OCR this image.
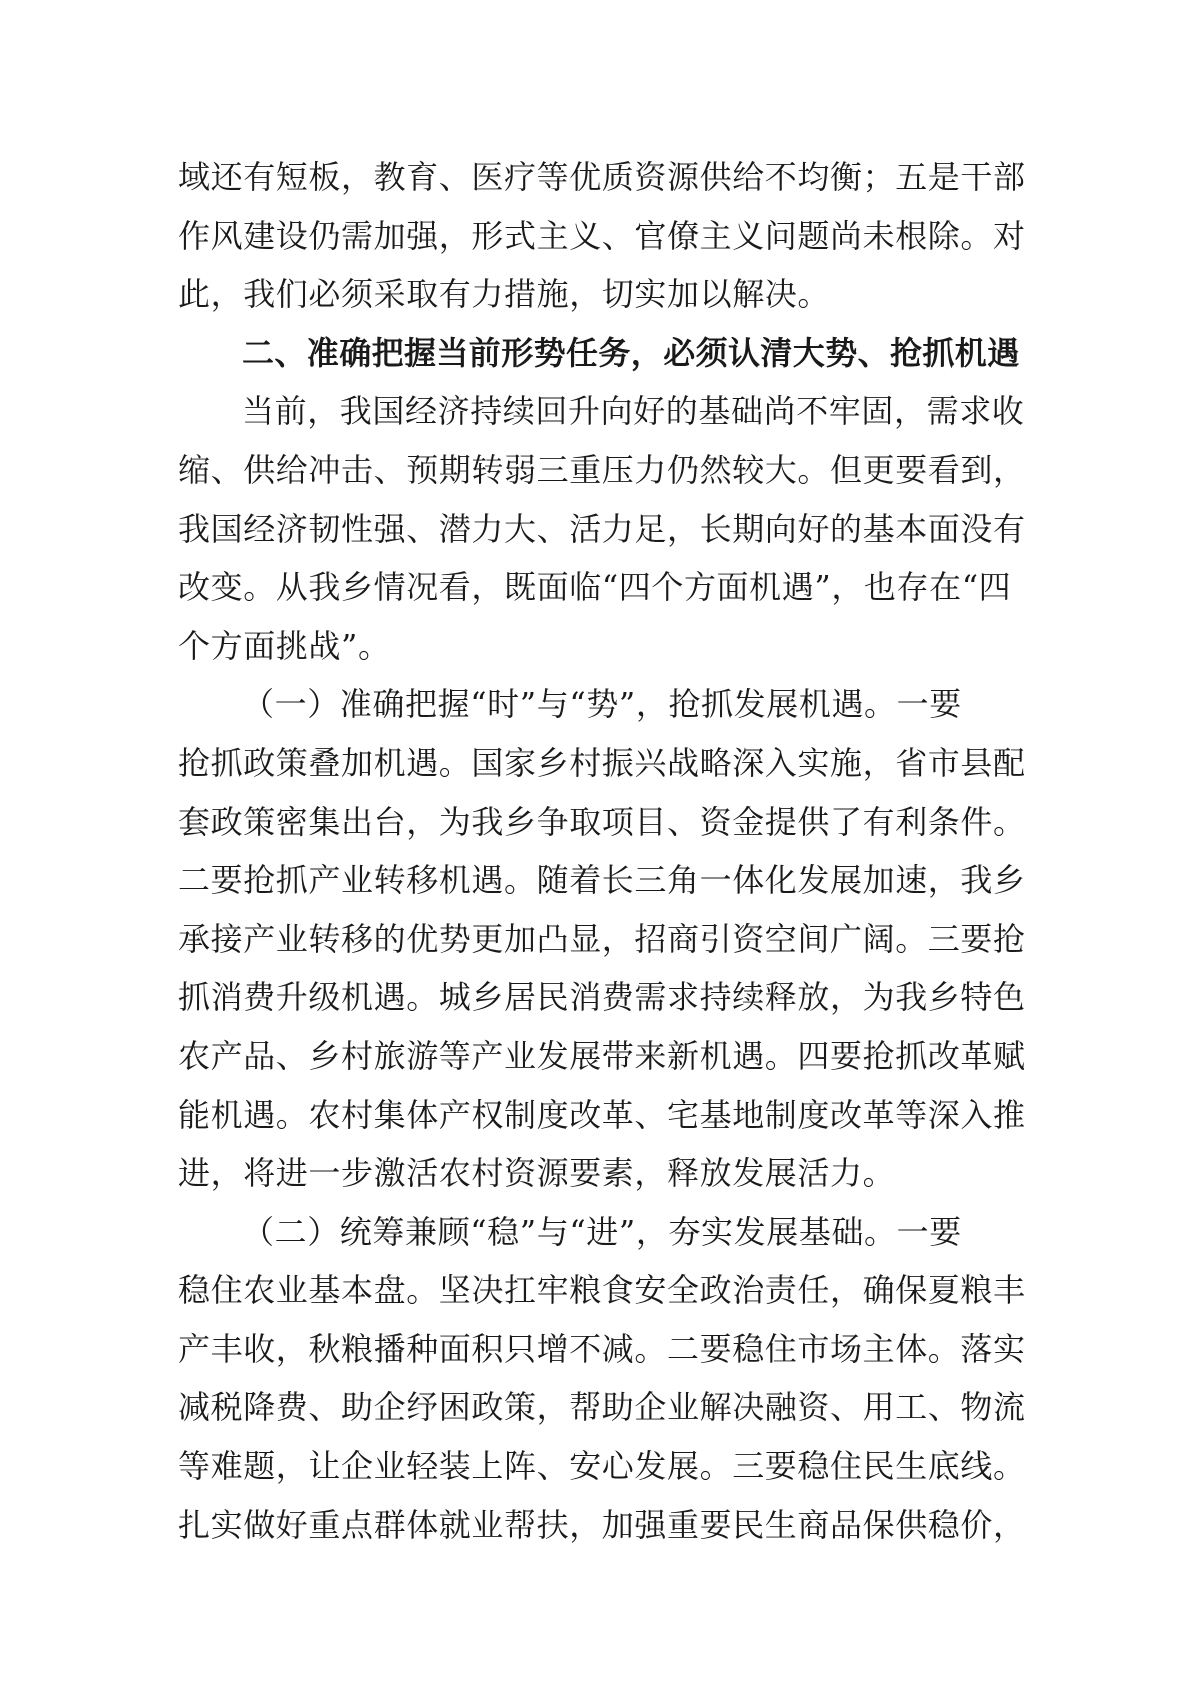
域还有短板，教育、医疗等优质资源供给不均衡；五是干部
作风建设仍需加强，形式主义、官僚主义问题尚未根除。对
此，我们必须采取有力措施，切实加以解决。
二、准确把握当前形势任务，必须认清大势、抢抓机遇
当前，我国经济持续回升向好的基础尚不牢固，需求收
缩、供给冲击、预期转弱三重压力仍然较大。但更要看到，
我国经济韧性强、潜力大、活力足，长期向好的基本面没有
改变。从我乡情况看，既面临“四个方面机遇”，也存在“四
个方面挑战”。
（一）准确把握“时”与“势”，抢抓发展机遇。一要
抢抓政策叠加机遇。国家乡村振兴战略深入实施，省市县配
套政策密集出台，为我乡争取项目、资金提供了有利条件。
二要抢抓产业转移机遇。随着长三角一体化发展加速，我乡
承接产业转移的优势更加凸显，招商引资空间广阔。三要抢
抓消费升级机遇。城乡居民消费需求持续释放，为我乡特色
农产品、乡村旅游等产业发展带来新机遇。四要抢抓改革赋
能机遇。农村集体产权制度改革、宅基地制度改革等深入推
进，将进一步激活农村资源要素，释放发展活力。
（二）统筹兼顾“稳”与“进”，夯实发展基础。一要
稳住农业基本盘。坚决扛牢粮食安全政治责任，确保夏粮丰
产丰收，秋粮播种面积只增不减。二要稳住市场主体。落实
减税降费、助企纾困政策，帮助企业解决融资、用工、物流
等难题，让企业轻装上阵、安心发展。三要稳住民生底线。
扎实做好重点群体就业帮扶，加强重要民生商品保供稳价，
